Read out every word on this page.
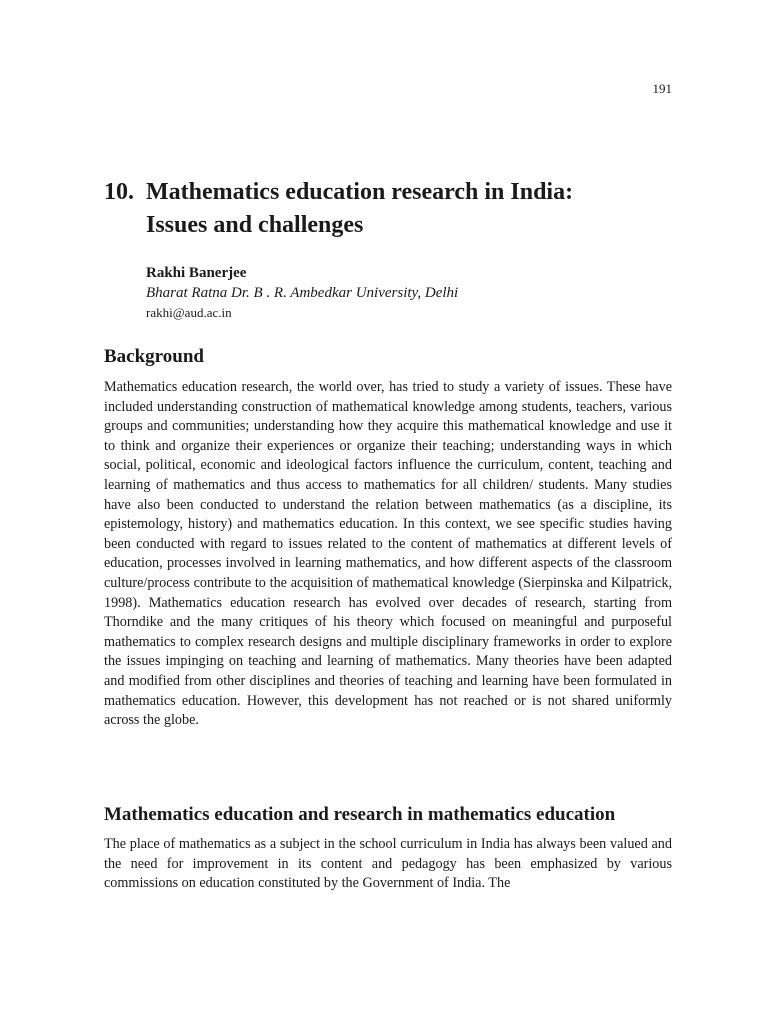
191
10. Mathematics education research in India:
Issues and challenges
Rakhi Banerjee
Bharat Ratna Dr. B . R. Ambedkar University, Delhi
rakhi@aud.ac.in
Background

Mathematics education research, the world over, has tried to study a variety of issues. These have included understanding construction of mathematical knowledge among students, teachers, various groups and communities; understanding how they acquire this mathematical knowledge and use it to think and organize their experiences or organize their teaching; understanding ways in which social, political, economic and ideological factors influence the curriculum, content, teaching and learning of mathematics and thus access to mathematics for all children/ students. Many studies have also been conducted to understand the relation between mathematics (as a discipline, its epistemology, history) and mathematics education. In this context, we see specific studies having been conducted with regard to issues related to the content of mathematics at different levels of education, processes involved in learning mathematics, and how different aspects of the classroom culture/process contribute to the acquisition of mathematical knowledge (Sierpinska and Kilpatrick, 1998). Mathematics education research has evolved over decades of research, starting from Thorndike and the many critiques of his theory which focused on meaningful and purposeful mathematics to complex research designs and multiple disciplinary frameworks in order to explore the issues impinging on teaching and learning of mathematics. Many theories have been adapted and modified from other disciplines and theories of teaching and learning have been formulated in mathematics education. However, this development has not reached or is not shared uniformly across the globe.

Mathematics education and research in mathematics education

The place of mathematics as a subject in the school curriculum in India has always been valued and the need for improvement in its content and pedagogy has been emphasized by various commissions on education constituted by the Government of India. The
